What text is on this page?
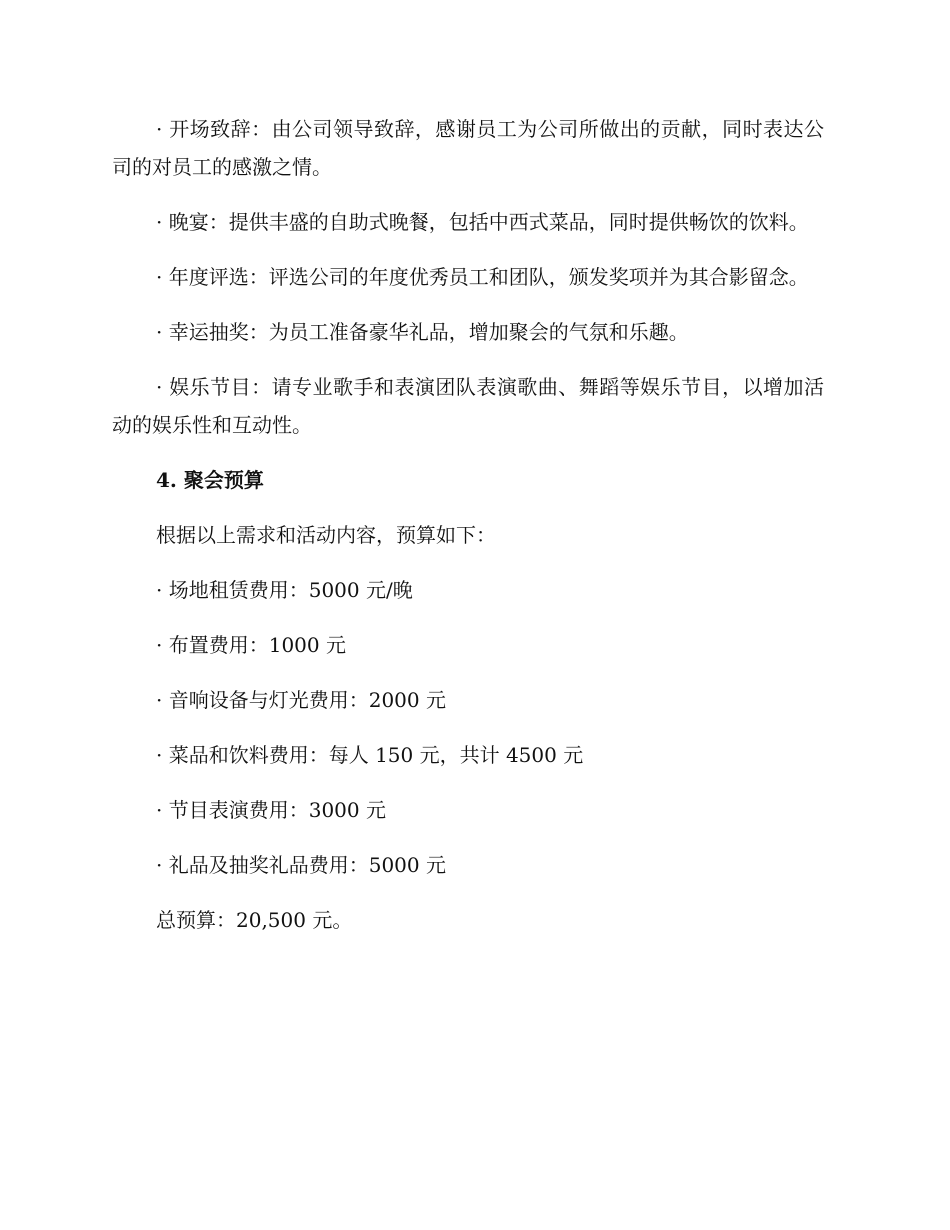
· 开场致辞：由公司领导致辞，感谢员工为公司所做出的贡献，同时表达公司的对员工的感激之情。

· 晚宴：提供丰盛的自助式晚餐，包括中西式菜品，同时提供畅饮的饮料。

· 年度评选：评选公司的年度优秀员工和团队，颁发奖项并为其合影留念。

· 幸运抽奖：为员工准备豪华礼品，增加聚会的气氛和乐趣。

· 娱乐节目：请专业歌手和表演团队表演歌曲、舞蹈等娱乐节目，以增加活动的娱乐性和互动性。

4. 聚会预算

根据以上需求和活动内容，预算如下：

· 场地租赁费用：5000 元/晚

· 布置费用：1000 元

· 音响设备与灯光费用：2000 元

· 菜品和饮料费用：每人 150 元，共计 4500 元

· 节目表演费用：3000 元

· 礼品及抽奖礼品费用：5000 元

总预算：20,500 元。
